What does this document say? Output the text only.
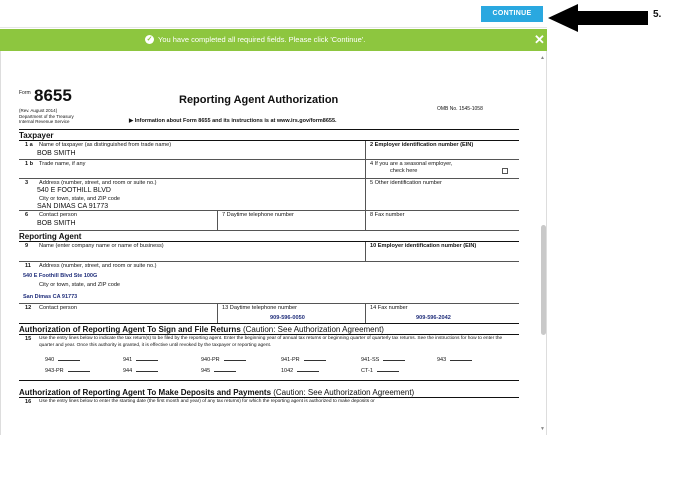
CONTINUE	5.
✓ You have completed all required fields. Please click 'Continue'.	✕
▲
▼
Form 8655
(Rev. August 2014)
Department of the Treasury
Internal Revenue Service
Reporting Agent Authorization
▶ Information about Form 8655 and its instructions is at www.irs.gov/form8655.
OMB No. 1545-1058
Taxpayer
1 a Name of taxpayer (as distinguished from trade name)
BOB SMITH
2 Employer identification number (EIN)
1 b Trade name, if any	4 If you are a seasonal employer,
check here
3 Address (number, street, and room or suite no.)
540 E FOOTHILL BLVD
City or town, state, and ZIP code
SAN DIMAS CA 91773
5 Other identification number
6 Contact person
BOB SMITH
7 Daytime telephone number	8 Fax number
Reporting Agent
9 Name (enter company name or name of business)	10 Employer identification number (EIN)
11 Address (number, street, and room or suite no.)
540 E Foothill Blvd Ste 100G
City or town, state, and ZIP code
San Dimas CA 91773
12 Contact person	13 Daytime telephone number
909-596-0050
14 Fax number
909-596-2042
Authorization of Reporting Agent To Sign and File Returns (Caution: See Authorization Agreement)
15 Use the entry lines below to indicate the tax return(s) to be filed by the reporting agent. Enter the beginning year of annual tax returns or beginning quarter of quarterly tax returns. See the instructions for how to enter the quarter and year. Once this authority is granted, it is effective until revoked by the taxpayer or reporting agent.
940	941	940-PR	941-PR	941-SS	943
943-PR	944	945	1042	CT-1
Authorization of Reporting Agent To Make Deposits and Payments (Caution: See Authorization Agreement)
16 Use the entry lines below to enter the starting date (the first month and year) of any tax returns) for which the reporting agent is authorized to make deposits or
